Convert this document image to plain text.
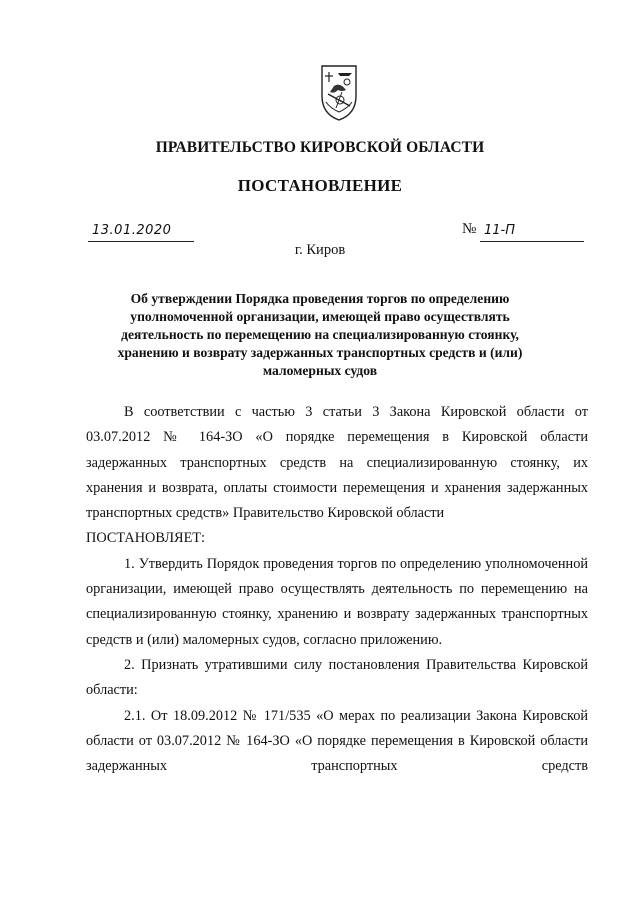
ПРАВИТЕЛЬСТВО КИРОВСКОЙ ОБЛАСТИ
ПОСТАНОВЛЕНИЕ
13.01.2020	№ 11-П
г. Киров
Об утверждении Порядка проведения торгов по определению уполномоченной организации, имеющей право осуществлять деятельность по перемещению на специализированную стоянку, хранению и возврату задержанных транспортных средств и (или) маломерных судов

В соответствии с частью 3 статьи 3 Закона Кировской области от 03.07.2012 № 164-ЗО «О порядке перемещения в Кировской области задержанных транспортных средств на специализированную стоянку, их хранения и возврата, оплаты стоимости перемещения и хранения задержанных транспортных средств» Правительство Кировской области

ПОСТАНОВЛЯЕТ:

1. Утвердить Порядок проведения торгов по определению уполномоченной организации, имеющей право осуществлять деятельность по перемещению на специализированную стоянку, хранению и возврату задержанных транспортных средств и (или) маломерных судов, согласно приложению.

2. Признать утратившими силу постановления Правительства Кировской области:

2.1. От 18.09.2012 № 171/535 «О мерах по реализации Закона Кировской области от 03.07.2012 № 164-ЗО «О порядке перемещения в Кировской области задержанных транспортных средств
